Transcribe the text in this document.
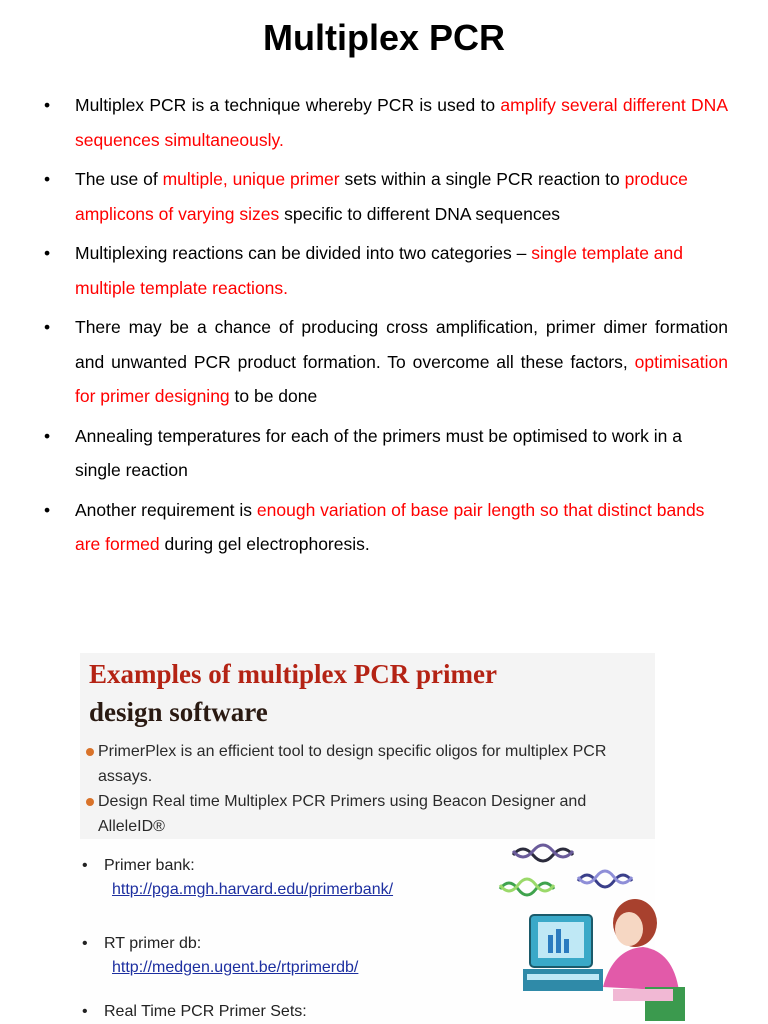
Multiplex PCR
• Multiplex PCR is a technique whereby PCR is used to amplify several different DNA sequences simultaneously.
• The use of multiple, unique primer sets within a single PCR reaction to produce amplicons of varying sizes specific to different DNA sequences
• Multiplexing reactions can be divided into two categories – single template and multiple template reactions.
• There may be a chance of producing cross amplification, primer dimer formation and unwanted PCR product formation. To overcome all these factors, optimisation for primer designing to be done
• Annealing temperatures for each of the primers must be optimised to work in a single reaction
• Another requirement is enough variation of base pair length so that distinct bands are formed during gel electrophoresis.
Examples of multiplex PCR primer
design software
PrimerPlex is an efficient tool to design specific oligos for multiplex PCR assays.
Design Real time Multiplex PCR Primers using Beacon Designer and AlleleID®
• Primer bank:
http://pga.mgh.harvard.edu/primerbank/
• RT primer db:
http://medgen.ugent.be/rtprimerdb/
• Real Time PCR Primer Sets:
